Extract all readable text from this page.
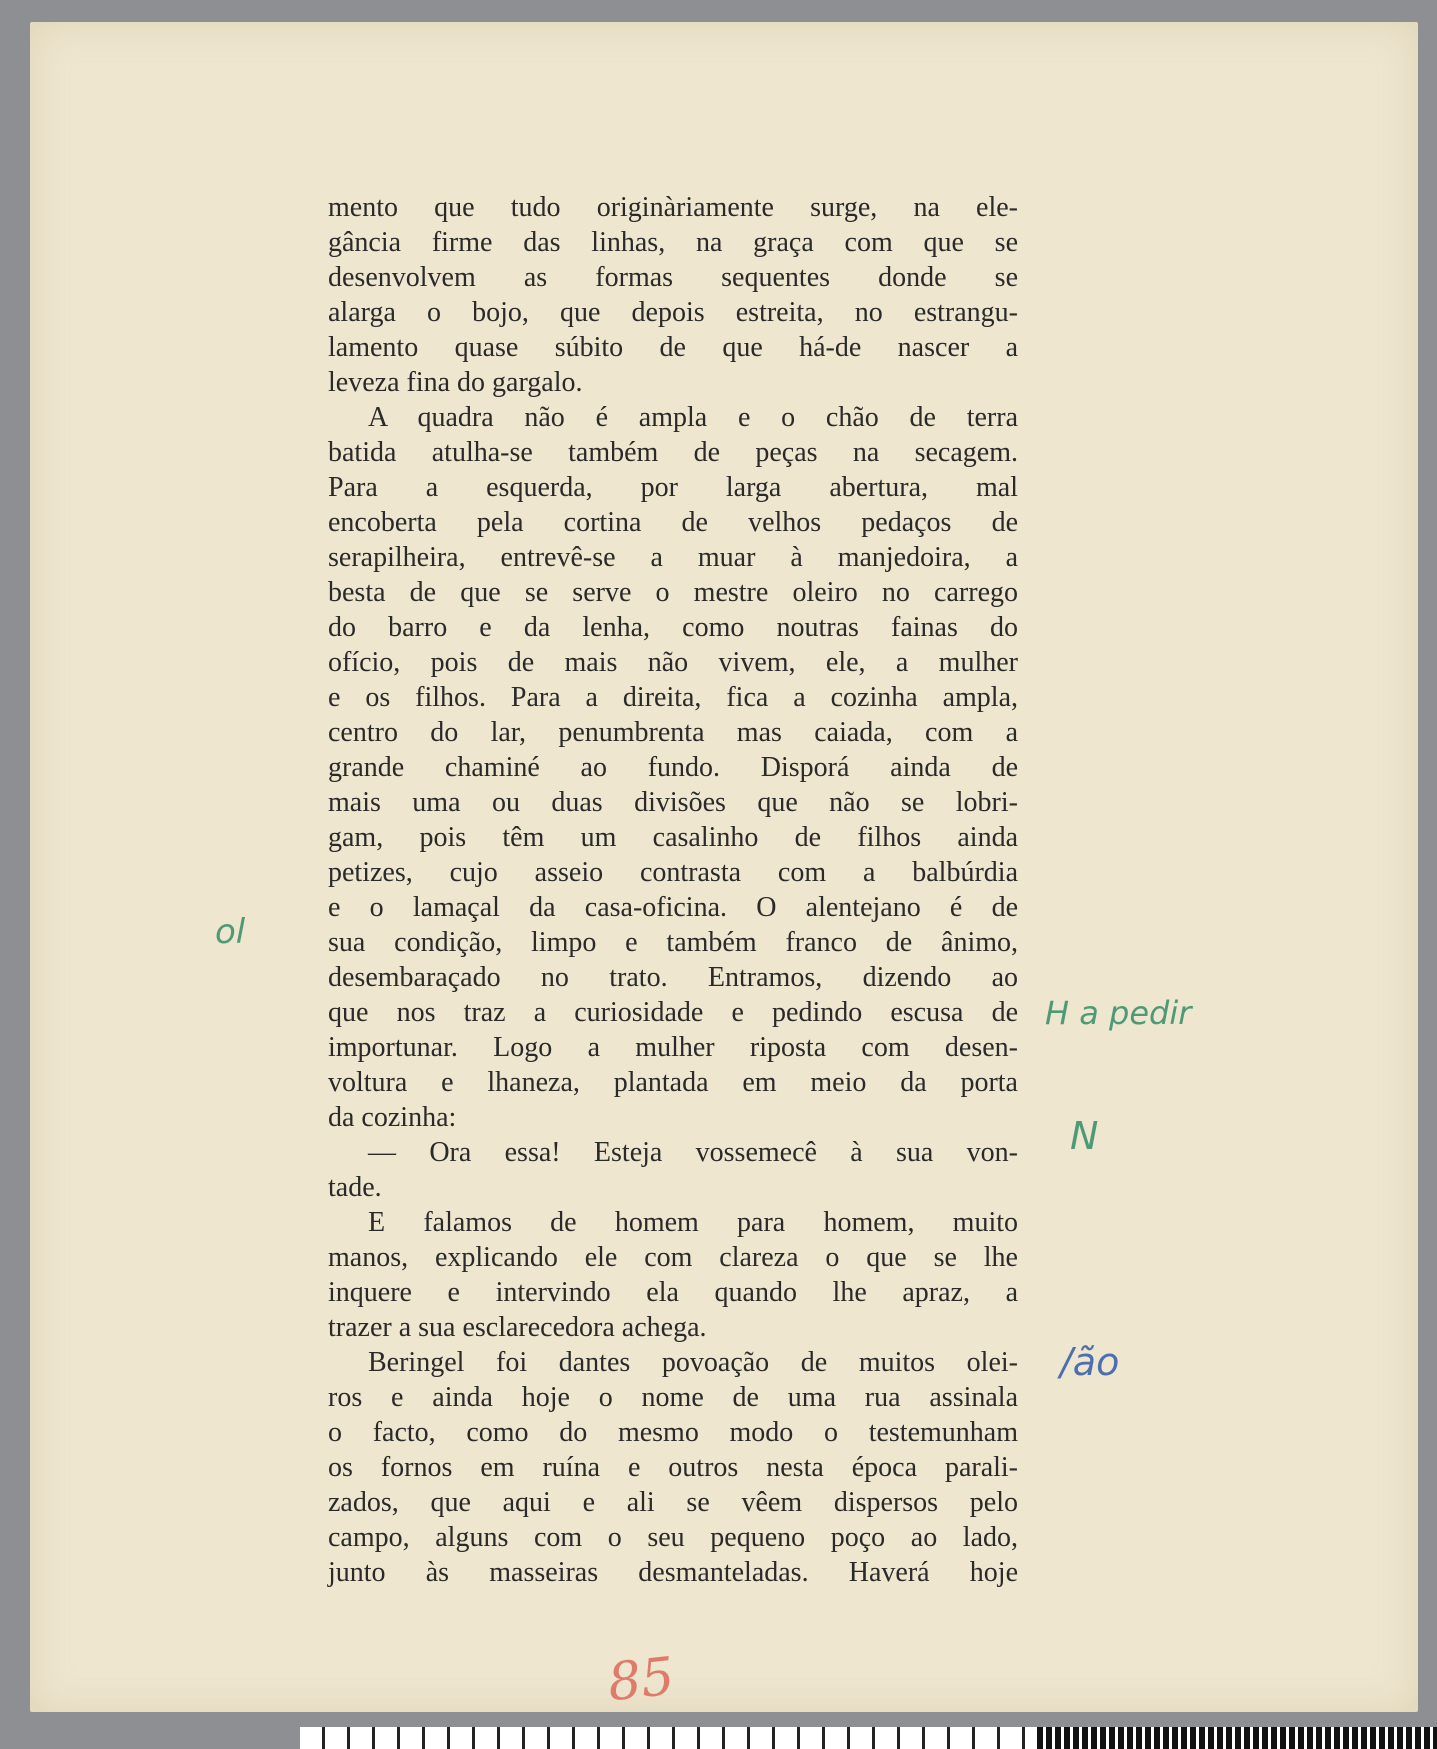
mento que tudo originàriamente surge, na ele-
gância firme das linhas, na graça com que se
desenvolvem as formas sequentes donde se
alarga o bojo, que depois estreita, no estrangu-
lamento quase súbito de que há-de nascer a
leveza fina do gargalo.
A quadra não é ampla e o chão de terra
batida atulha-se também de peças na secagem.
Para a esquerda, por larga abertura, mal
encoberta pela cortina de velhos pedaços de
serapilheira, entrevê-se a muar à manjedoira, a
besta de que se serve o mestre oleiro no carrego
do barro e da lenha, como noutras fainas do
ofício, pois de mais não vivem, ele, a mulher
e os filhos. Para a direita, fica a cozinha ampla,
centro do lar, penumbrenta mas caiada, com a
grande chaminé ao fundo. Disporá ainda de
mais uma ou duas divisões que não se lobri-
gam, pois têm um casalinho de filhos ainda
petizes, cujo asseio contrasta com a balbúrdia
e o lamaçal da casa-oficina. O alentejano é de
sua condição, limpo e também franco de ânimo,
desembaraçado no trato. Entramos, dizendo ao
que nos traz a curiosidade e pedindo escusa de
importunar. Logo a mulher riposta com desen-
voltura e lhaneza, plantada em meio da porta
da cozinha:
— Ora essa! Esteja vossemecê à sua von-
tade.
E falamos de homem para homem, muito
manos, explicando ele com clareza o que se lhe
inquere e intervindo ela quando lhe apraz, a
trazer a sua esclarecedora achega.
Beringel foi dantes povoação de muitos olei-
ros e ainda hoje o nome de uma rua assinala
o facto, como do mesmo modo o testemunham
os fornos em ruína e outros nesta época parali-
zados, que aqui e ali se vêem dispersos pelo
campo, alguns com o seu pequeno poço ao lado,
junto às masseiras desmanteladas. Haverá hoje
ol
H a pedir
N
/ão
85
